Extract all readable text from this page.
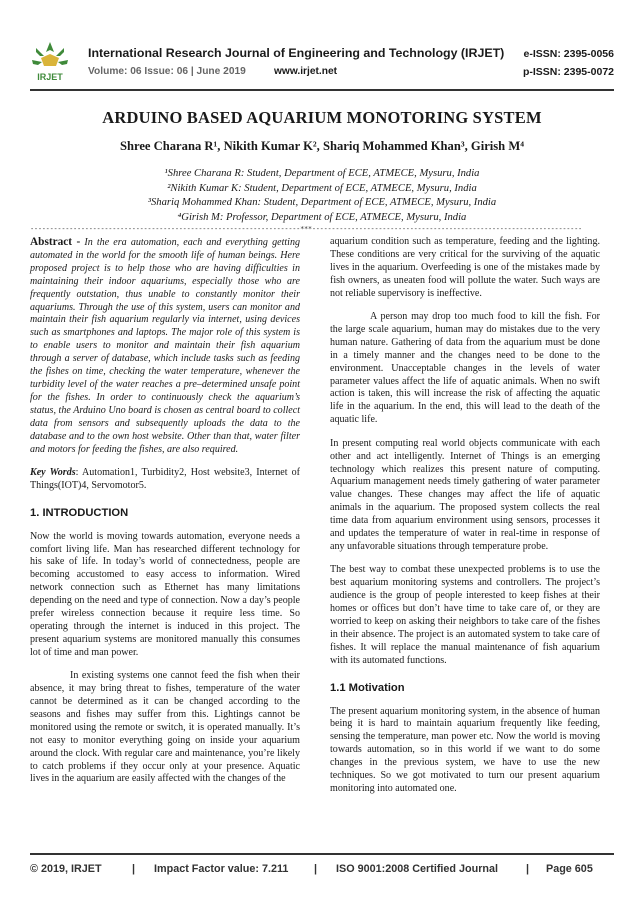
IRJET
International Research Journal of Engineering and Technology (IRJET) e-ISSN: 2395-0056
Volume: 06 Issue: 06 | June 2019	www.irjet.net	p-ISSN: 2395-0072
ARDUINO BASED AQUARIUM MONOTORING SYSTEM
Shree Charana R¹, Nikith Kumar K², Shariq Mohammed Khan³, Girish M⁴
¹Shree Charana R: Student, Department of ECE, ATMECE, Mysuru, India
²Nikith Kumar K: Student, Department of ECE, ATMECE, Mysuru, India
³Shariq Mohammed Khan: Student, Department of ECE, ATMECE, Mysuru, India
⁴Girish M: Professor, Department of ECE, ATMECE, Mysuru, India
---------------------------------------------------------------------***---------------------------------------------------------------------

Abstract - In the era automation, each and everything getting automated in the world for the smooth life of human beings. Here proposed project is to help those who are having difficulties in maintaining their indoor aquariums, especially those who are frequently outstation, thus unable to constantly monitor their aquariums. Through the use of this system, users can monitor and maintain their fish aquarium regularly via internet, using devices such as smartphones and laptops. The major role of this system is to enable users to monitor and maintain their fish aquarium through a server of database, which include tasks such as feeding the fishes on time, checking the water temperature, whenever the turbidity level of the water reaches a pre–determined unsafe point for the fishes. In order to continuously check the aquarium’s status, the Arduino Uno board is chosen as central board to collect data from sensors and subsequently uploads the data to the database and to the own host website. Other than that, water filter and motors for feeding the fishes, are also required.

Key Words: Automation1, Turbidity2, Host website3, Internet of Things(IOT)4, Servomotor5.

1. INTRODUCTION

Now the world is moving towards automation, everyone needs a comfort living life. Man has researched different technology for his sake of life. In today’s world of connectedness, people are becoming accustomed to easy access to information. Wired network connection such as Ethernet has many limitations depending on the need and type of connection. Now a day’s people prefer wireless connection because it require less time. So operating through the internet is induced in this project. The present aquarium systems are monitored manually this consumes lot of time and man power.

In existing systems one cannot feed the fish when their absence, it may bring threat to fishes, temperature of the water cannot be determined as it can be changed according to the seasons and fishes may suffer from this. Lightings cannot be monitored using the remote or switch, it is operated manually. It’s not easy to monitor everything going on inside your aquarium around the clock. With regular care and maintenance, you’re likely to catch problems if they occur only at your presence. Aquatic lives in the aquarium are easily affected with the changes of the

aquarium condition such as temperature, feeding and the lighting. These conditions are very critical for the surviving of the aquatic lives in the aquarium. Overfeeding is one of the mistakes made by fish owners, as uneaten food will pollute the water. Such ways are not reliable supervisory is ineffective.

A person may drop too much food to kill the fish. For the large scale aquarium, human may do mistakes due to the very human nature. Gathering of data from the aquarium must be done in a timely manner and the changes need to be done to the environment. Unacceptable changes in the levels of water parameter values affect the life of aquatic animals. When no swift action is taken, this will increase the risk of affecting the aquatic life in the aquarium. In the end, this will lead to the death of the aquatic life.

In present computing real world objects communicate with each other and act intelligently. Internet of Things is an emerging technology which realizes this present nature of computing. Aquarium management needs timely gathering of water parameter value changes. These changes may affect the life of aquatic animals in the aquarium. The proposed system collects the real time data from aquarium environment using sensors, processes it and updates the temperature of water in real-time in response of any unfavorable situations through temperature probe.

The best way to combat these unexpected problems is to use the best aquarium monitoring systems and controllers. The project’s audience is the group of people interested to keep fishes at their homes or offices but don’t have time to take care of, or they are worried to keep on asking their neighbors to take care of the fishes in their absence. The project is an automated system to take care of fishes. It will replace the manual maintenance of fish aquarium with its automated functions.

1.1 Motivation

The present aquarium monitoring system, in the absence of human being it is hard to maintain aquarium frequently like feeding, sensing the temperature, man power etc. Now the world is moving towards automation, so in this world if we want to do some changes in the previous system, we have to use the new techniques. So we got motivated to turn our present aquarium monitoring into automated one.

© 2019, IRJET	| Impact Factor value: 7.211 | ISO 9001:2008 Certified Journal	| Page 605
